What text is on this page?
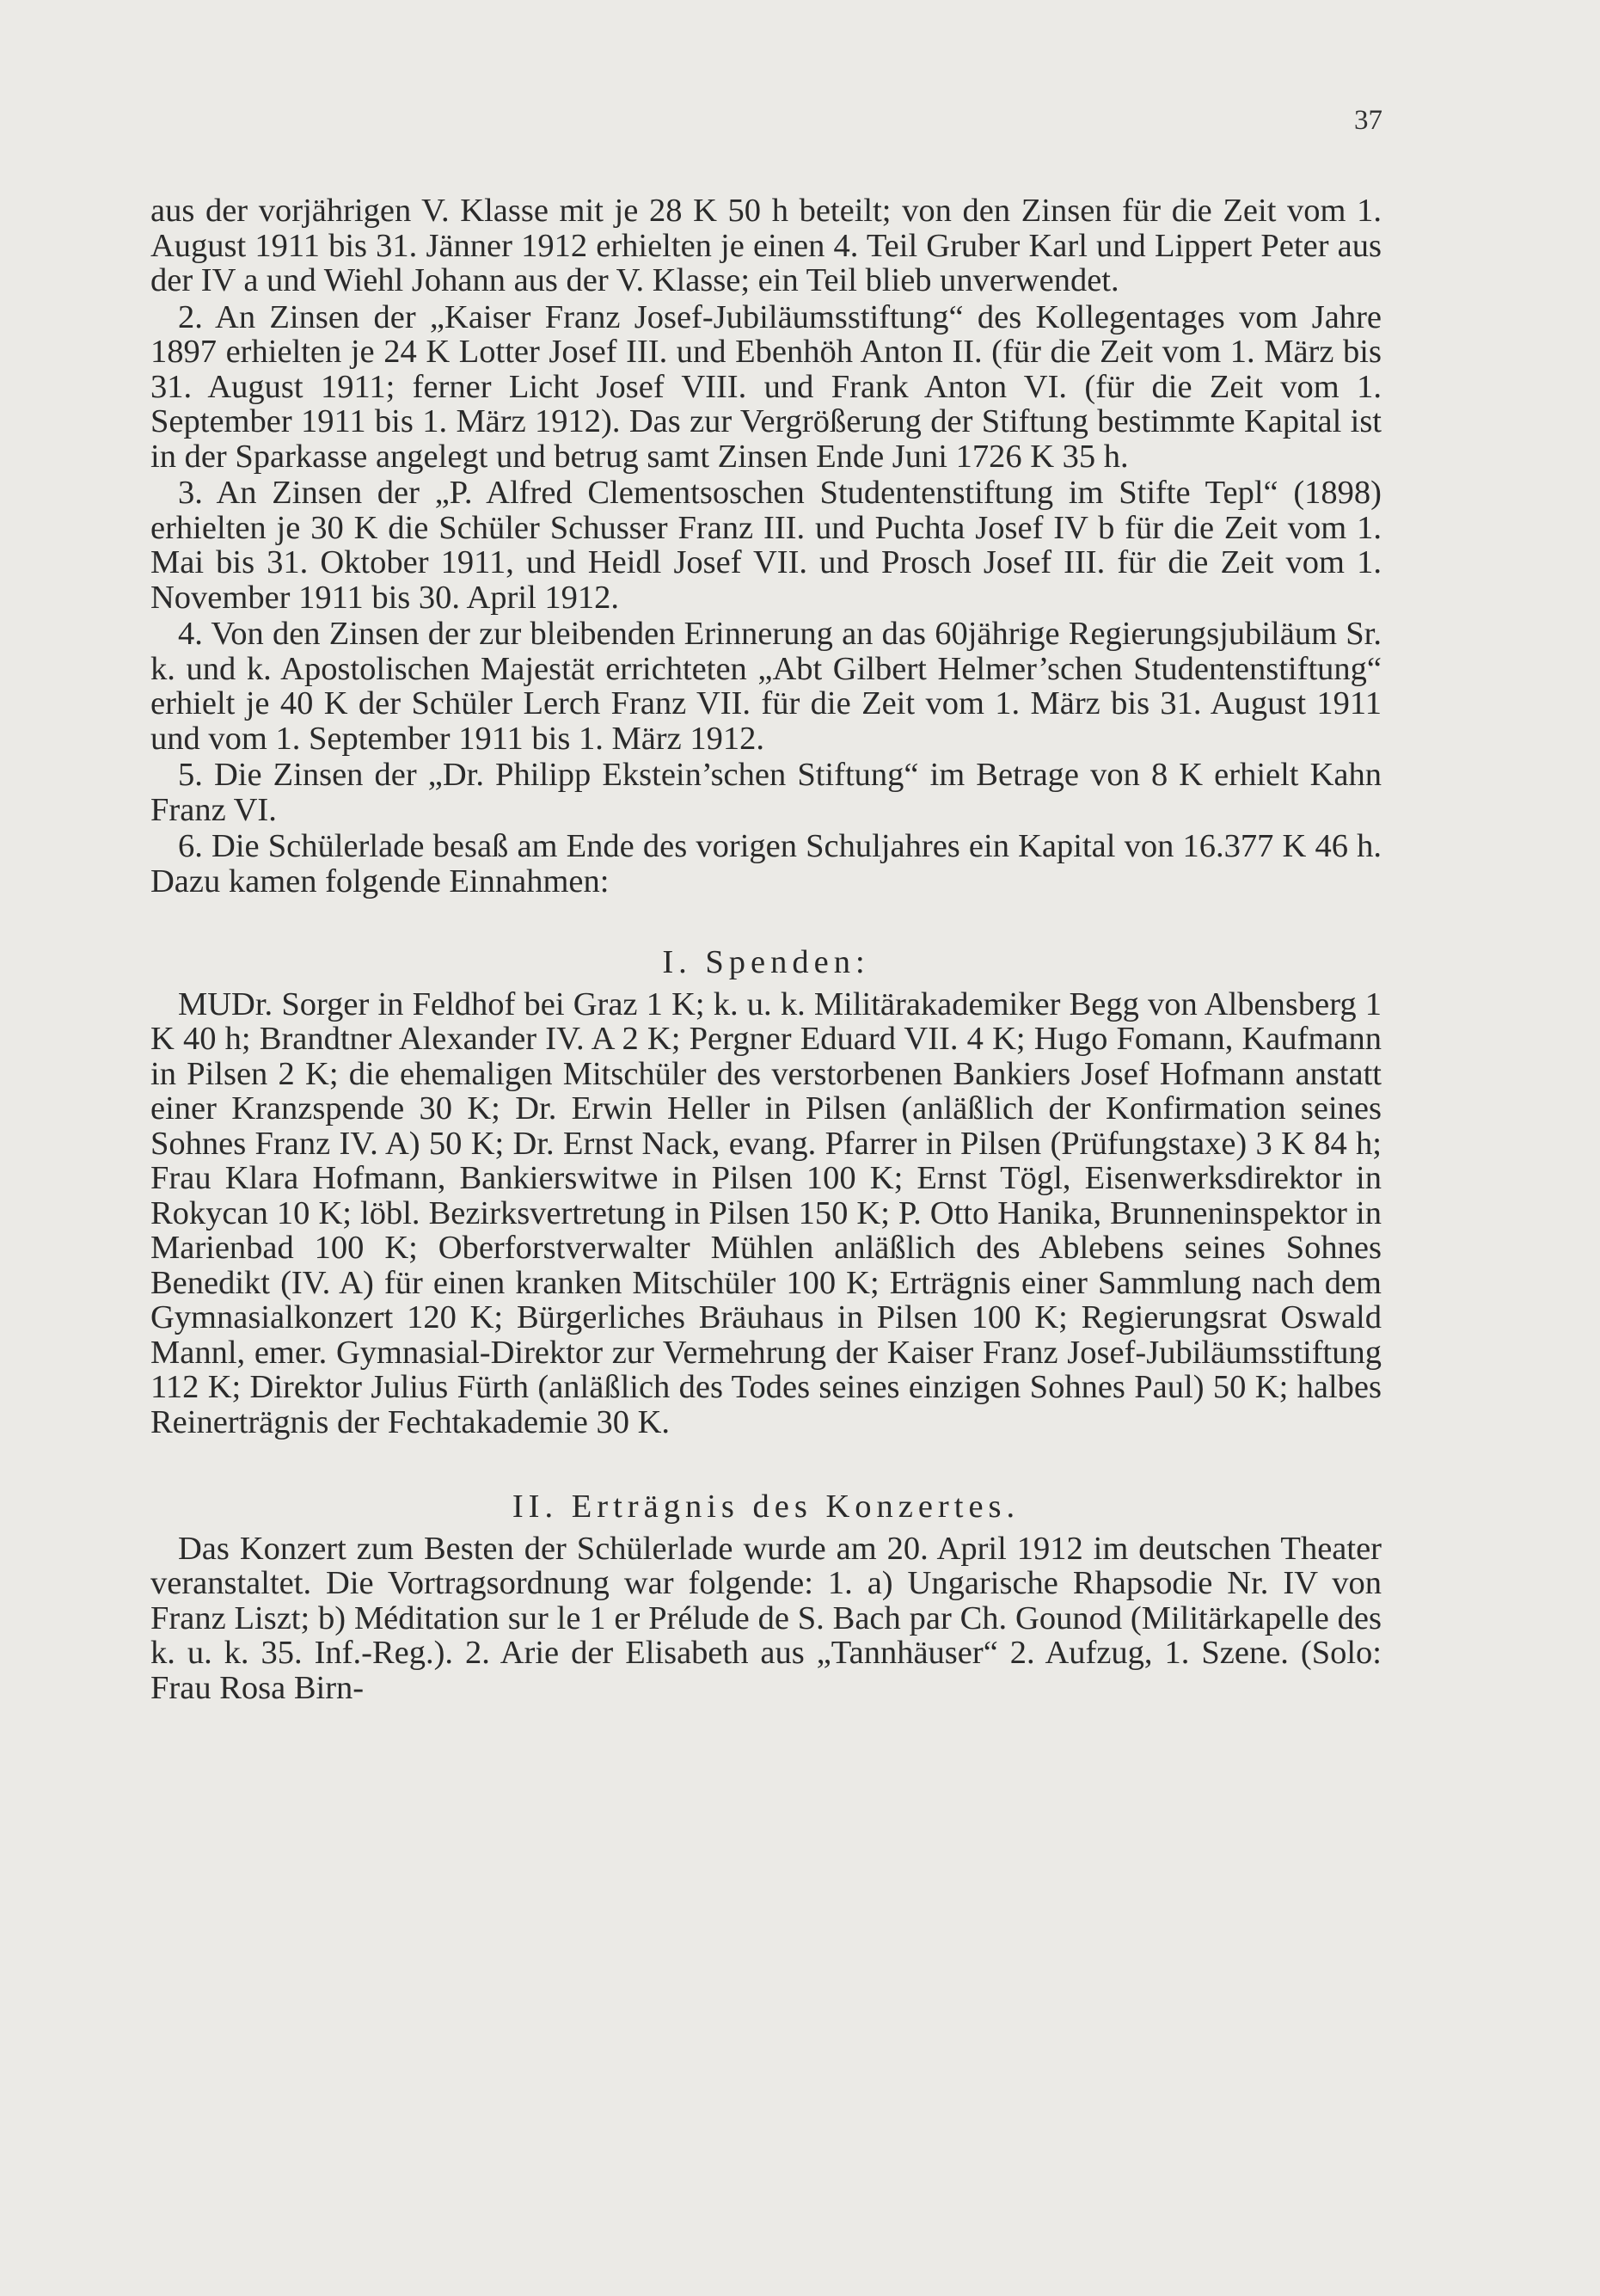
37

aus der vorjährigen V. Klasse mit je 28 K 50 h beteilt; von den Zinsen für die Zeit vom 1. August 1911 bis 31. Jänner 1912 erhielten je einen 4. Teil Gruber Karl und Lippert Peter aus der IV a und Wiehl Johann aus der V. Klasse; ein Teil blieb unverwendet.

2. An Zinsen der „Kaiser Franz Josef-Jubiläumsstiftung“ des Kollegentages vom Jahre 1897 erhielten je 24 K Lotter Josef III. und Ebenhöh Anton II. (für die Zeit vom 1. März bis 31. August 1911; ferner Licht Josef VIII. und Frank Anton VI. (für die Zeit vom 1. September 1911 bis 1. März 1912). Das zur Vergrößerung der Stiftung bestimmte Kapital ist in der Sparkasse angelegt und betrug samt Zinsen Ende Juni 1726 K 35 h.

3. An Zinsen der „P. Alfred Clementsoschen Studentenstiftung im Stifte Tepl“ (1898) erhielten je 30 K die Schüler Schusser Franz III. und Puchta Josef IV b für die Zeit vom 1. Mai bis 31. Oktober 1911, und Heidl Josef VII. und Prosch Josef III. für die Zeit vom 1. November 1911 bis 30. April 1912.

4. Von den Zinsen der zur bleibenden Erinnerung an das 60jährige Regierungsjubiläum Sr. k. und k. Apostolischen Majestät errichteten „Abt Gilbert Helmer’schen Studentenstiftung“ erhielt je 40 K der Schüler Lerch Franz VII. für die Zeit vom 1. März bis 31. August 1911 und vom 1. September 1911 bis 1. März 1912.

5. Die Zinsen der „Dr. Philipp Ekstein’schen Stiftung“ im Betrage von 8 K erhielt Kahn Franz VI.

6. Die Schülerlade besaß am Ende des vorigen Schuljahres ein Kapital von 16.377 K 46 h. Dazu kamen folgende Einnahmen:

I. Spenden:

MUDr. Sorger in Feldhof bei Graz 1 K; k. u. k. Militärakademiker Begg von Albensberg 1 K 40 h; Brandtner Alexander IV. A 2 K; Pergner Eduard VII. 4 K; Hugo Fomann, Kaufmann in Pilsen 2 K; die ehemaligen Mitschüler des verstorbenen Bankiers Josef Hofmann anstatt einer Kranzspende 30 K; Dr. Erwin Heller in Pilsen (anläßlich der Konfirmation seines Sohnes Franz IV. A) 50 K; Dr. Ernst Nack, evang. Pfarrer in Pilsen (Prüfungstaxe) 3 K 84 h; Frau Klara Hofmann, Bankierswitwe in Pilsen 100 K; Ernst Tögl, Eisenwerksdirektor in Rokycan 10 K; löbl. Bezirksvertretung in Pilsen 150 K; P. Otto Hanika, Brunneninspektor in Marienbad 100 K; Oberforstverwalter Mühlen anläßlich des Ablebens seines Sohnes Benedikt (IV. A) für einen kranken Mitschüler 100 K; Erträgnis einer Sammlung nach dem Gymnasialkonzert 120 K; Bürgerliches Bräuhaus in Pilsen 100 K; Regierungsrat Oswald Mannl, emer. Gymnasial-Direktor zur Vermehrung der Kaiser Franz Josef-Jubiläumsstiftung 112 K; Direktor Julius Fürth (anläßlich des Todes seines einzigen Sohnes Paul) 50 K; halbes Reinerträgnis der Fechtakademie 30 K.

II. Erträgnis des Konzertes.

Das Konzert zum Besten der Schülerlade wurde am 20. April 1912 im deutschen Theater veranstaltet. Die Vortragsordnung war folgende: 1. a) Ungarische Rhapsodie Nr. IV von Franz Liszt; b) Méditation sur le 1 er Prélude de S. Bach par Ch. Gounod (Militärkapelle des k. u. k. 35. Inf.-Reg.). 2. Arie der Elisabeth aus „Tannhäuser“ 2. Aufzug, 1. Szene. (Solo: Frau Rosa Birn-
